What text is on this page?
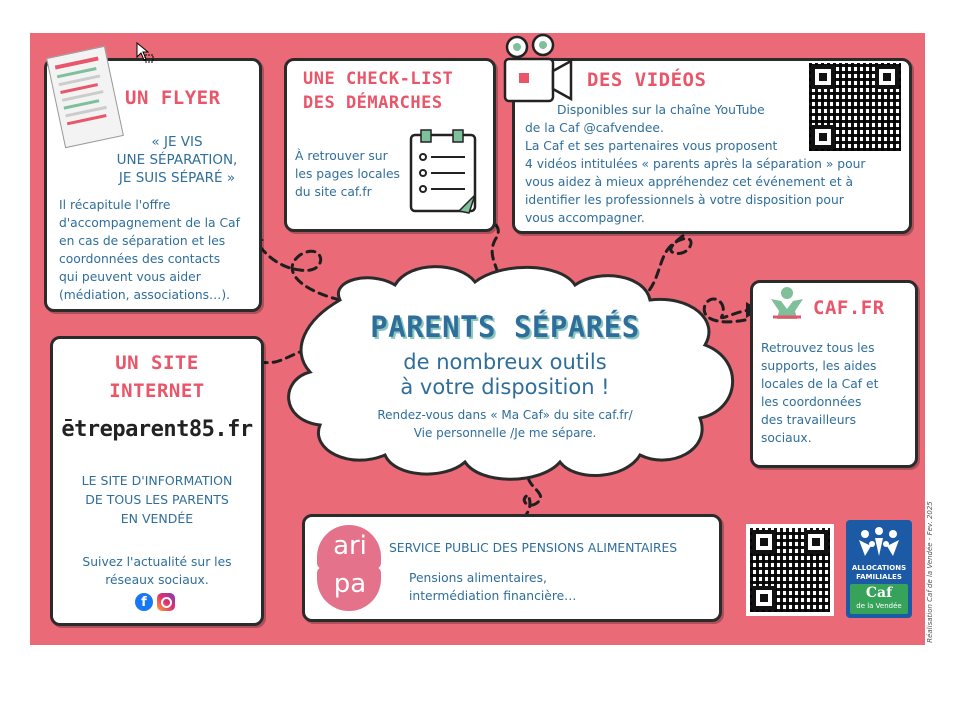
UN FLYER
« JE VIS
UNE SÉPARATION,
JE SUIS SÉPARÉ »
Il récapitule l'offre
d'accompagnement de la Caf
en cas de séparation et les
coordonnées des contacts
qui peuvent vous aider
(médiation, associations…).
UNE CHECK-LIST
DES DÉMARCHES
À retrouver sur
les pages locales
du site caf.fr
DES VIDÉOS
Disponibles sur la chaîne YouTube
de la Caf @cafvendee.
La Caf et ses partenaires vous proposent
4 vidéos intitulées « parents après la séparation » pour
vous aidez à mieux appréhendez cet événement et à
identifier les professionnels à votre disposition pour
vous accompagner.
PARENTS SÉPARÉS
de nombreux outils
à votre disposition !
Rendez-vous dans « Ma Caf» du site caf.fr/
Vie personnelle /Je me sépare.
CAF.FR
Retrouvez tous les
supports, les aides
locales de la Caf et
les coordonnées
des travailleurs
sociaux.
UN SITE
INTERNET
ētreparent85.fr
LE SITE D'INFORMATION
DE TOUS LES PARENTS
EN VENDÉE
Suivez l'actualité sur les
réseaux sociaux.
f
ari
pa
SERVICE PUBLIC DES PENSIONS ALIMENTAIRES
Pensions alimentaires,
intermédiation financière…
ALLOCATIONS
FAMILIALES
Caf
de la Vendée	Réalisation Caf de la Vendée - Fev. 2025
